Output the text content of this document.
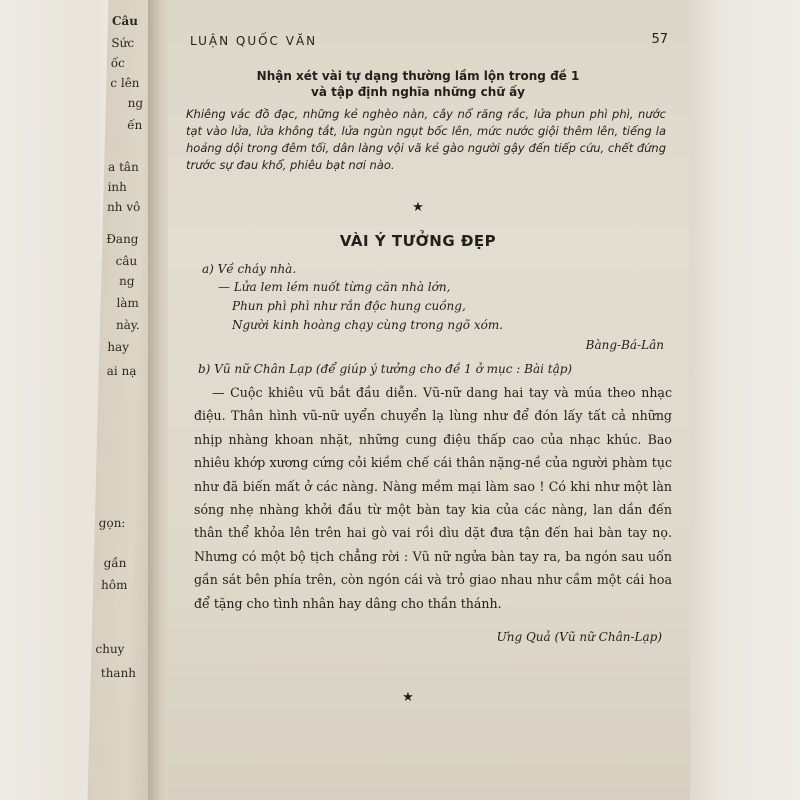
Câu
Sức
ốc
c lên
ng
ến
a tân
inh
nh vô
Đang
câu
ng
làm
này.
hay
ai nạ
gọn:
gần
hôm
chuy
thanh
LUẬN QUỐC VĂN	57
Nhận xét vài tự dạng thường lầm lộn trong đề 1
và tập định nghĩa những chữ ấy
Khiêng vác đồ đạc, những kẻ nghèo nàn, cây nổ răng rắc, lửa phun phì phì, nước tạt vào lửa, lửa không tắt, lửa ngùn ngụt bốc lên, mức nước giội thêm lên, tiếng la hoảng dội trong đêm tối, dân làng vội vã kẻ gào người gậy đến tiếp cứu, chết đứng trước sự đau khổ, phiêu bạt nơi nào.
★
VÀI Ý TƯỞNG ĐẸP
a) Về cháy nhà.
— Lửa lem lém nuốt từng căn nhà lớn,
Phun phì phì như rắn độc hung cuồng,
Người kinh hoàng chạy cùng trong ngõ xóm.
Bàng-Bá-Lân
b) Vũ nữ Chân Lạp (để giúp ý tưởng cho đề 1 ở mục : Bài tập)

— Cuộc khiêu vũ bắt đầu diễn. Vũ-nữ dang hai tay và múa theo nhạc điệu. Thân hình vũ-nữ uyển chuyển lạ lùng như để đón lấy tất cả những nhịp nhàng khoan nhặt, những cung điệu thấp cao của nhạc khúc. Bao nhiêu khớp xương cứng cỏi kiềm chế cái thân nặng-nề của người phàm tục như đã biến mất ở các nàng. Nàng mềm mại làm sao ! Có khi như một làn sóng nhẹ nhàng khởi đầu từ một bàn tay kia của các nàng, lan dần đến thân thể khỏa lên trên hai gò vai rồi dìu dặt đưa tận đến hai bàn tay nọ. Nhưng có một bộ tịch chẳng rời : Vũ nữ ngửa bàn tay ra, ba ngón sau uốn gần sát bên phía trên, còn ngón cái và trỏ giao nhau như cầm một cái hoa để tặng cho tình nhân hay dâng cho thần thánh.

Ưng Quả (Vũ nữ Chân-Lạp)
★
